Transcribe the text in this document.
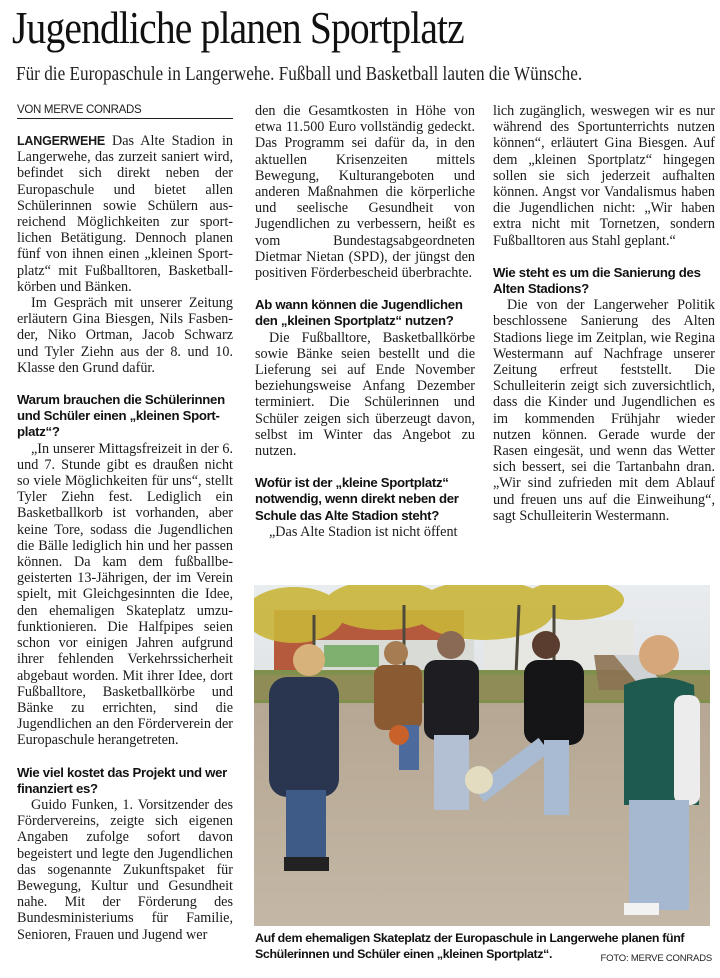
Jugendliche planen Sportplatz
Für die Europaschule in Langerwehe. Fußball und Basketball lauten die Wünsche.
VON MERVE CONRADS

LANGERWEHE Das Alte Stadion in Langerwehe, das zurzeit saniert wird, befindet sich direkt neben der Europaschule und bietet allen Schülerinnen sowie Schülern ausreichend Möglichkeiten zur sportlichen Betätigung. Dennoch planen fünf von ihnen einen „kleinen Sportplatz“ mit Fußballtoren, Basketballkörben und Bänken.

Im Gespräch mit unserer Zeitung erläutern Gina Biesgen, Nils Fasbender, Niko Ortman, Jacob Schwarz und Tyler Ziehn aus der 8. und 10. Klasse den Grund dafür.

Warum brauchen die Schülerinnen und Schüler einen „kleinen Sportplatz“?

„In unserer Mittagsfreizeit in der 6. und 7. Stunde gibt es draußen nicht so viele Möglichkeiten für uns“, stellt Tyler Ziehn fest. Lediglich ein Basketballkorb ist vorhanden, aber keine Tore, sodass die Jugendlichen die Bälle lediglich hin und her passen können. Da kam dem fußballbegeisterten 13-Jährigen, der im Verein spielt, mit Gleichgesinnten die Idee, den ehemaligen Skateplatz umzufunktionieren. Die Halfpipes seien schon vor einigen Jahren aufgrund ihrer fehlenden Verkehrssicherheit abgebaut worden. Mit ihrer Idee, dort Fußballtore, Basketballkörbe und Bänke zu errichten, sind die Jugendlichen an den Förderverein der Europaschule herangetreten.

Wie viel kostet das Projekt und wer finanziert es?

Guido Funken, 1. Vorsitzender des Fördervereins, zeigte sich eigenen Angaben zufolge sofort davon begeistert und legte den Jugendlichen das sogenannte Zukunftspaket für Bewegung, Kultur und Gesundheit nahe. Mit der Förderung des Bundesministeriums für Familie, Senioren, Frauen und Jugend wer

den die Gesamtkosten in Höhe von etwa 11.500 Euro vollständig gedeckt. Das Programm sei dafür da, in den aktuellen Krisenzeiten mittels Bewegung, Kulturangeboten und anderen Maßnahmen die körperliche und seelische Gesundheit von Jugendlichen zu verbessern, heißt es vom Bundestagsabgeordneten Dietmar Nietan (SPD), der jüngst den positiven Förderbescheid überbrachte.

Ab wann können die Jugendlichen den „kleinen Sportplatz“ nutzen?

Die Fußballtore, Basketballkörbe sowie Bänke seien bestellt und die Lieferung sei auf Ende November beziehungsweise Anfang Dezember terminiert. Die Schülerinnen und Schüler zeigen sich überzeugt davon, selbst im Winter das Angebot zu nutzen.

Wofür ist der „kleine Sportplatz“ notwendig, wenn direkt neben der Schule das Alte Stadion steht?

„Das Alte Stadion ist nicht öffent

lich zugänglich, weswegen wir es nur während des Sportunterrichts nutzen können“, erläutert Gina Biesgen. Auf dem „kleinen Sportplatz“ hingegen sollen sie sich jederzeit aufhalten können. Angst vor Vandalismus haben die Jugendlichen nicht: „Wir haben extra nicht mit Tornetzen, sondern Fußballtoren aus Stahl geplant.“

Wie steht es um die Sanierung des Alten Stadions?

Die von der Langerweher Politik beschlossene Sanierung des Alten Stadions liege im Zeitplan, wie Regina Westermann auf Nachfrage unserer Zeitung erfreut feststellt. Die Schulleiterin zeigt sich zuversichtlich, dass die Kinder und Jugendlichen es im kommenden Frühjahr wieder nutzen können. Gerade wurde der Rasen eingesät, und wenn das Wetter sich bessert, sei die Tartanbahn dran. „Wir sind zufrieden mit dem Ablauf und freuen uns auf die Einweihung“, sagt Schulleiterin Westermann.

Auf dem ehemaligen Skateplatz der Europaschule in Langerwehe planen fünf Schülerinnen und Schüler einen „kleinen Sportplatz“.	FOTO: MERVE CONRADS
